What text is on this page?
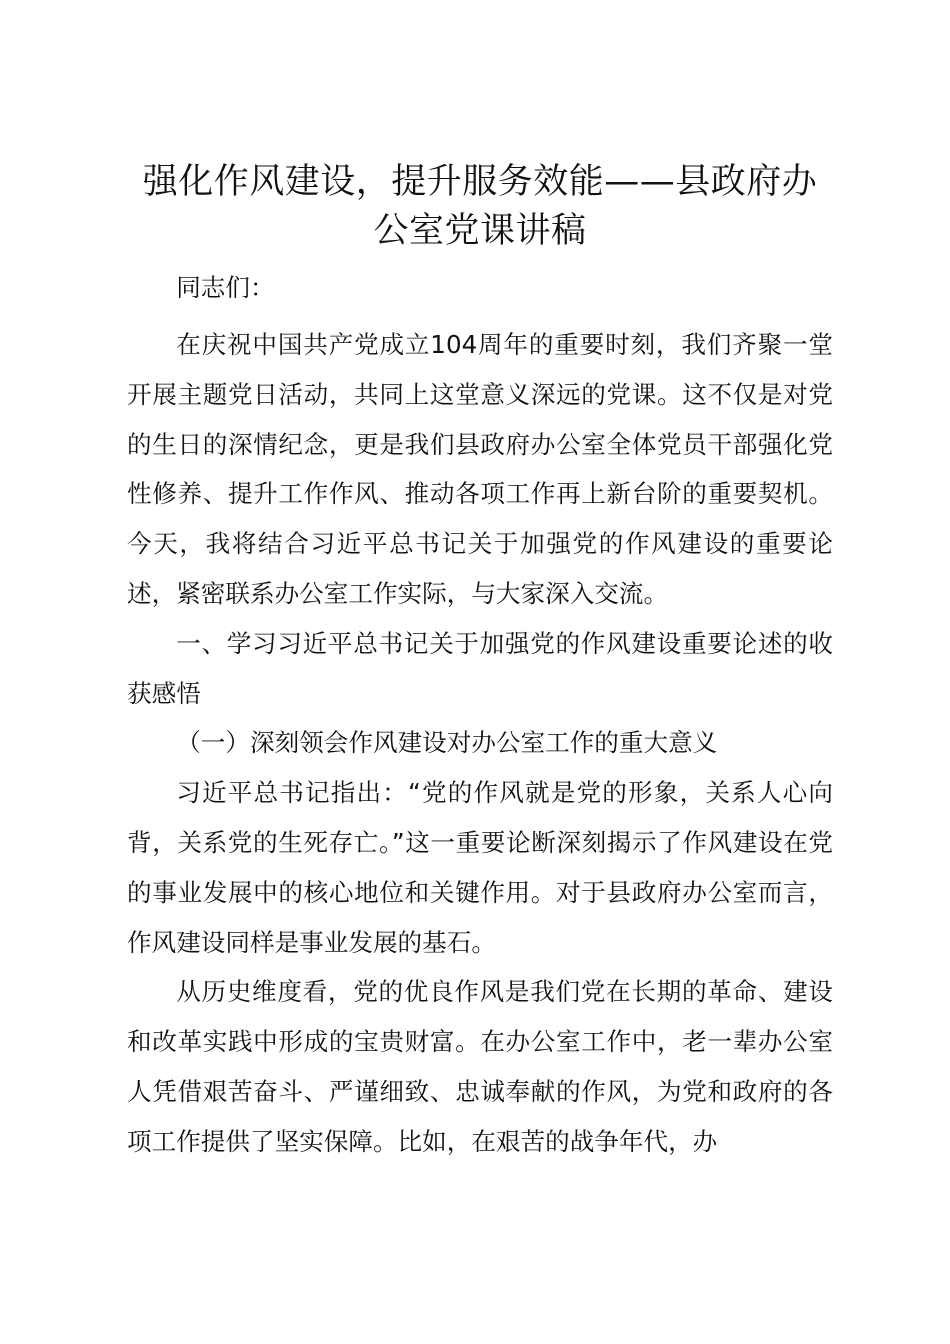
强化作风建设，提升服务效能——县政府办公室党课讲稿

同志们：

在庆祝中国共产党成立104周年的重要时刻，我们齐聚一堂开展主题党日活动，共同上这堂意义深远的党课。这不仅是对党的生日的深情纪念，更是我们县政府办公室全体党员干部强化党性修养、提升工作作风、推动各项工作再上新台阶的重要契机。今天，我将结合习近平总书记关于加强党的作风建设的重要论述，紧密联系办公室工作实际，与大家深入交流。

一、学习习近平总书记关于加强党的作风建设重要论述的收获感悟

（一）深刻领会作风建设对办公室工作的重大意义

习近平总书记指出：“党的作风就是党的形象，关系人心向背，关系党的生死存亡。”这一重要论断深刻揭示了作风建设在党的事业发展中的核心地位和关键作用。对于县政府办公室而言，作风建设同样是事业发展的基石。

从历史维度看，党的优良作风是我们党在长期的革命、建设和改革实践中形成的宝贵财富。在办公室工作中，老一辈办公室人凭借艰苦奋斗、严谨细致、忠诚奉献的作风，为党和政府的各项工作提供了坚实保障。比如，在艰苦的战争年代，办
